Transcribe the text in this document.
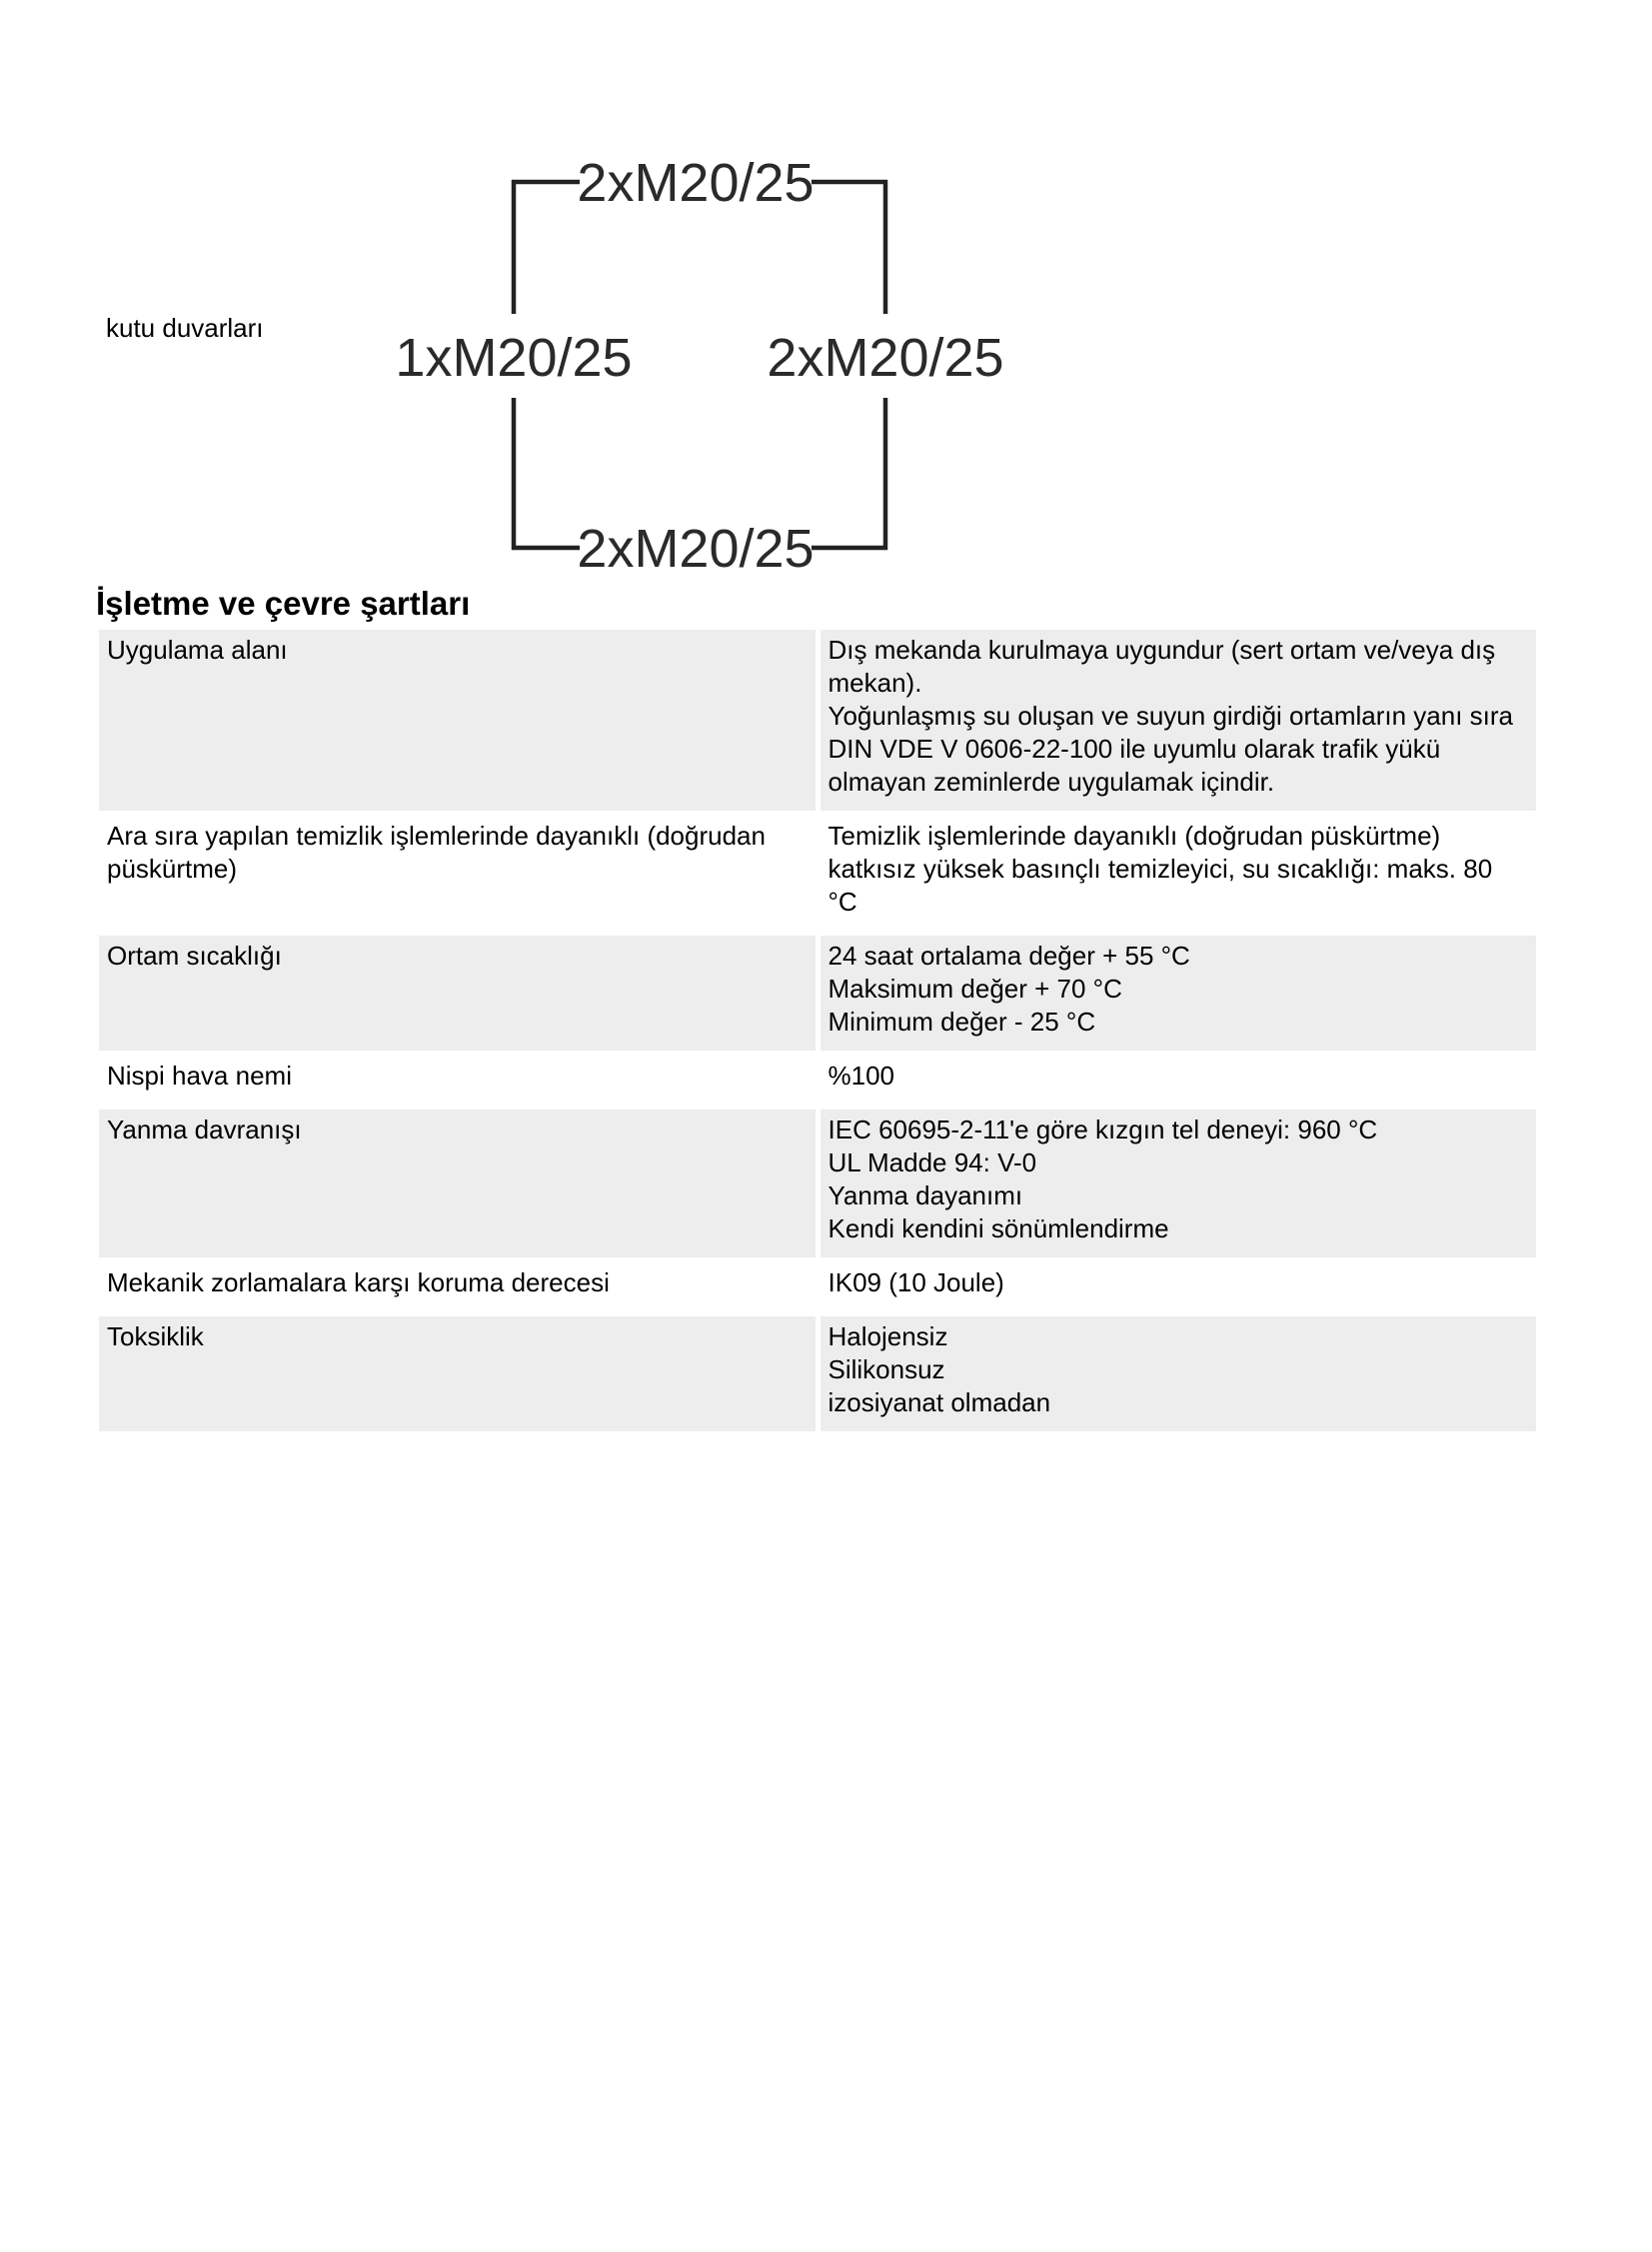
kutu duvarları
2xM20/25
1xM20/25 2xM20/25
2xM20/25
İşletme ve çevre şartları
Uygulama alanı	Dış mekanda kurulmaya uygundur (sert ortam ve/veya dış mekan).
Yoğunlaşmış su oluşan ve suyun girdiği ortamların yanı sıra DIN VDE V 0606-22-100 ile uyumlu olarak trafik yükü olmayan zeminlerde uygulamak içindir.

Ara sıra yapılan temizlik işlemlerinde dayanıklı (doğrudan püskürtme)	Temizlik işlemlerinde dayanıklı (doğrudan püskürtme) katkısız yüksek basınçlı temizleyici, su sıcaklığı: maks. 80 °C

Ortam sıcaklığı	24 saat ortalama değer + 55 °C
Maksimum değer + 70 °C
Minimum değer - 25 °C

Nispi hava nemi	%100

Yanma davranışı	IEC 60695-2-11'e göre kızgın tel deneyi: 960 °C
UL Madde 94: V-0
Yanma dayanımı
Kendi kendini sönümlendirme

Mekanik zorlamalara karşı koruma derecesi	IK09 (10 Joule)

Toksiklik	Halojensiz
Silikonsuz
izosiyanat olmadan
